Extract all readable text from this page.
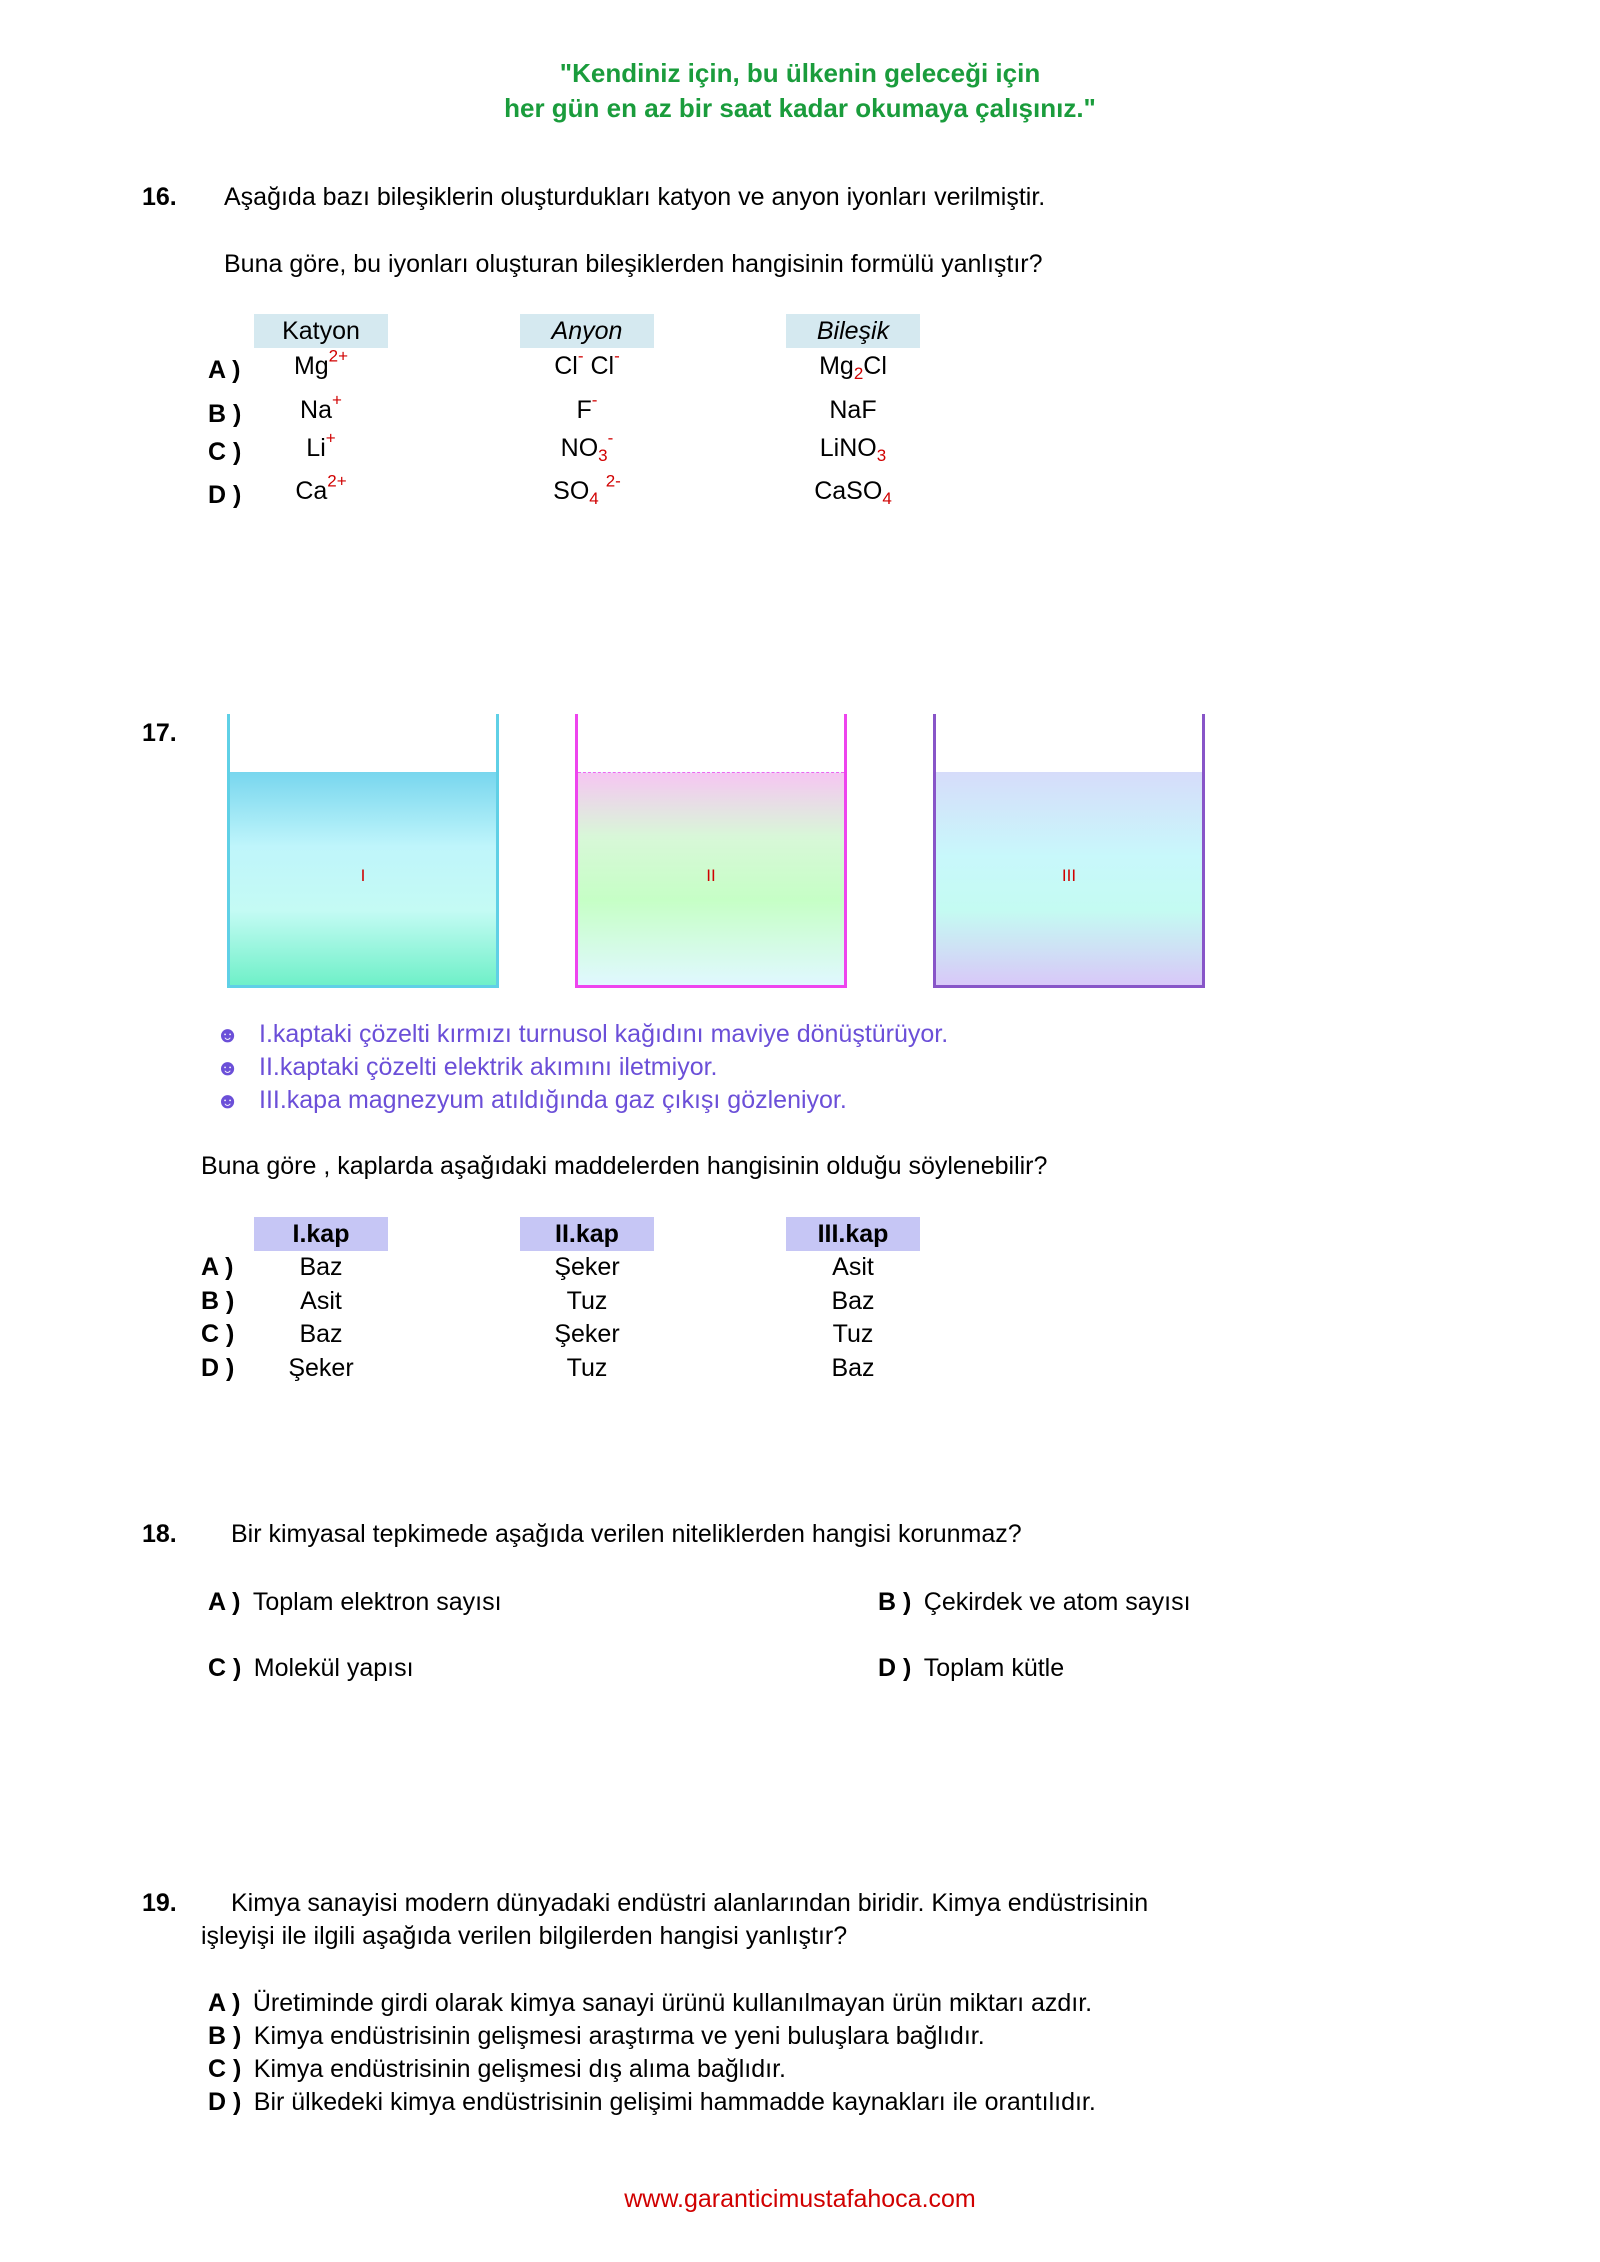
"Kendiniz için, bu ülkenin geleceği için
her gün en az bir saat kadar okumaya çalışınız."
16. Aşağıda bazı bileşiklerin oluşturdukları katyon ve anyon iyonları verilmiştir.
Buna göre, bu iyonları oluşturan bileşiklerden hangisinin formülü yanlıştır?
Katyon	Anyon	Bileşik
A )	$Mg^{2+}$	Cl- Cl-	$Mg_2Cl$
B )	Na+	F-	NaF
C )	Li+	$NO_3^-$	LiNO$_3$
D )	$Ca^{2+}$	$SO_4$ $^{2-}$	CaSO$_4$
17.
I	II	III
☻ I.kaptaki çözelti kırmızı turnusol kağıdını maviye dönüştürüyor.
☻ II.kaptaki çözelti elektrik akımını iletmiyor.
☻ III.kapa magnezyum atıldığında gaz çıkışı gözleniyor.
Buna göre , kaplarda aşağıdaki maddelerden hangisinin olduğu söylenebilir?
I.kap	II.kap	III.kap
A )	Baz	Şeker	Asit
B )	Asit	Tuz	Baz
C )	Baz	Şeker	Tuz
D )	Şeker	Tuz	Baz
18. Bir kimyasal tepkimede aşağıda verilen niteliklerden hangisi korunmaz?
A ) Toplam elektron sayısı	B ) Çekirdek ve atom sayısı
C ) Molekül yapısı	D ) Toplam kütle
19. Kimya sanayisi modern dünyadaki endüstri alanlarından biridir. Kimya endüstrisinin
işleyişi ile ilgili aşağıda verilen bilgilerden hangisi yanlıştır?
A ) Üretiminde girdi olarak kimya sanayi ürünü kullanılmayan ürün miktarı azdır.
B ) Kimya endüstrisinin gelişmesi araştırma ve yeni buluşlara bağlıdır.
C ) Kimya endüstrisinin gelişmesi dış alıma bağlıdır.
D ) Bir ülkedeki kimya endüstrisinin gelişimi hammadde kaynakları ile orantılıdır.
www.garanticimustafahoca.com
